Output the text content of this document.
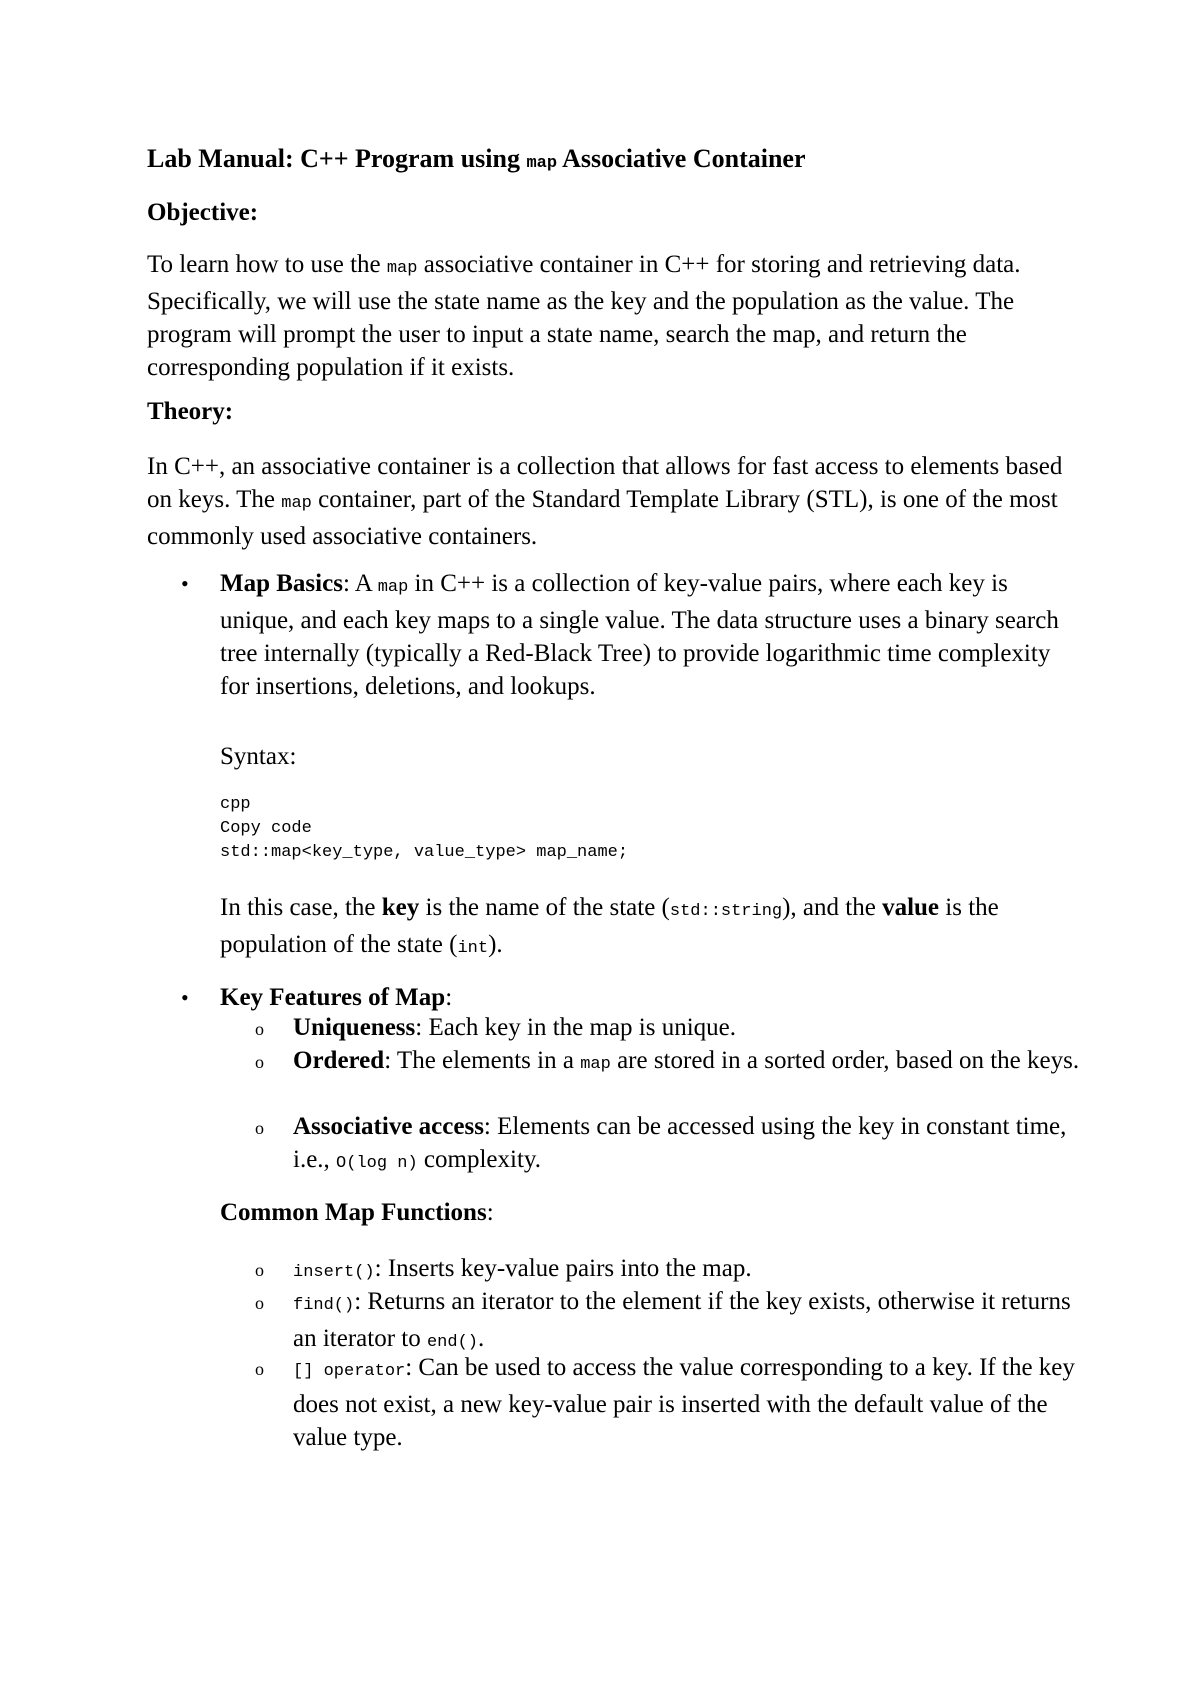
Lab Manual: C++ Program using map Associative Container
Objective:
To learn how to use the map associative container in C++ for storing and retrieving data. Specifically, we will use the state name as the key and the population as the value. The program will prompt the user to input a state name, search the map, and return the corresponding population if it exists.
Theory:
In C++, an associative container is a collection that allows for fast access to elements based on keys. The map container, part of the Standard Template Library (STL), is one of the most commonly used associative containers.
• Map Basics: A map in C++ is a collection of key-value pairs, where each key is unique, and each key maps to a single value. The data structure uses a binary search tree internally (typically a Red-Black Tree) to provide logarithmic time complexity for insertions, deletions, and lookups.
Syntax:
cpp
Copy code
std::map<key_type, value_type> map_name;
In this case, the key is the name of the state (std::string), and the value is the population of the state (int).
• Key Features of Map:
o Uniqueness: Each key in the map is unique.
o Ordered: The elements in a map are stored in a sorted order, based on the keys.
o Associative access: Elements can be accessed using the key in constant time, i.e., O(log n) complexity.
Common Map Functions:
o insert(): Inserts key-value pairs into the map.
o find(): Returns an iterator to the element if the key exists, otherwise it returns an iterator to end().
o [] operator: Can be used to access the value corresponding to a key. If the key does not exist, a new key-value pair is inserted with the default value of the value type.
